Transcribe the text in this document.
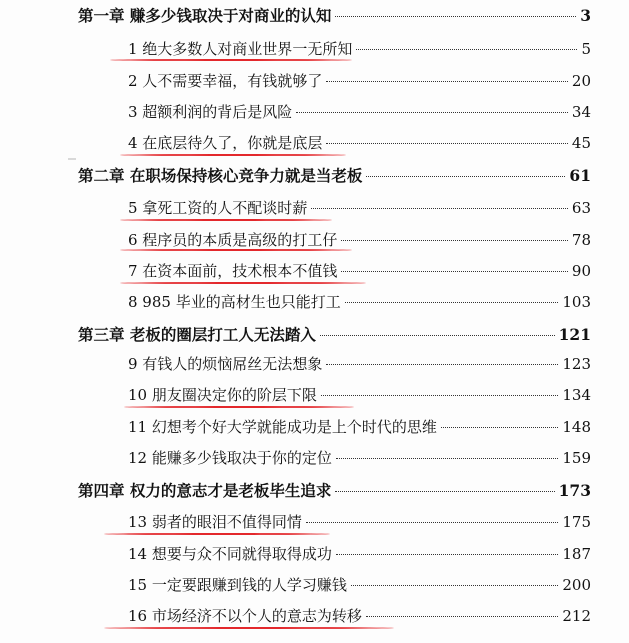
第一章 赚多少钱取决于对商业的认知	3
1 绝大多数人对商业世界一无所知	5
2 人不需要幸福，有钱就够了	20
3 超额利润的背后是风险	34
4 在底层待久了，你就是底层	45
第二章 在职场保持核心竞争力就是当老板	61
5 拿死工资的人不配谈时薪	63
6 程序员的本质是高级的打工仔	78
7 在资本面前，技术根本不值钱	90
8 985 毕业的高材生也只能打工	103
第三章 老板的圈层打工人无法踏入	121
9 有钱人的烦恼屌丝无法想象	123
10 朋友圈决定你的阶层下限	134
11 幻想考个好大学就能成功是上个时代的思维	148
12 能赚多少钱取决于你的定位	159
第四章 权力的意志才是老板毕生追求	173
13 弱者的眼泪不值得同情	175
14 想要与众不同就得取得成功	187
15 一定要跟赚到钱的人学习赚钱	200
16 市场经济不以个人的意志为转移	212
